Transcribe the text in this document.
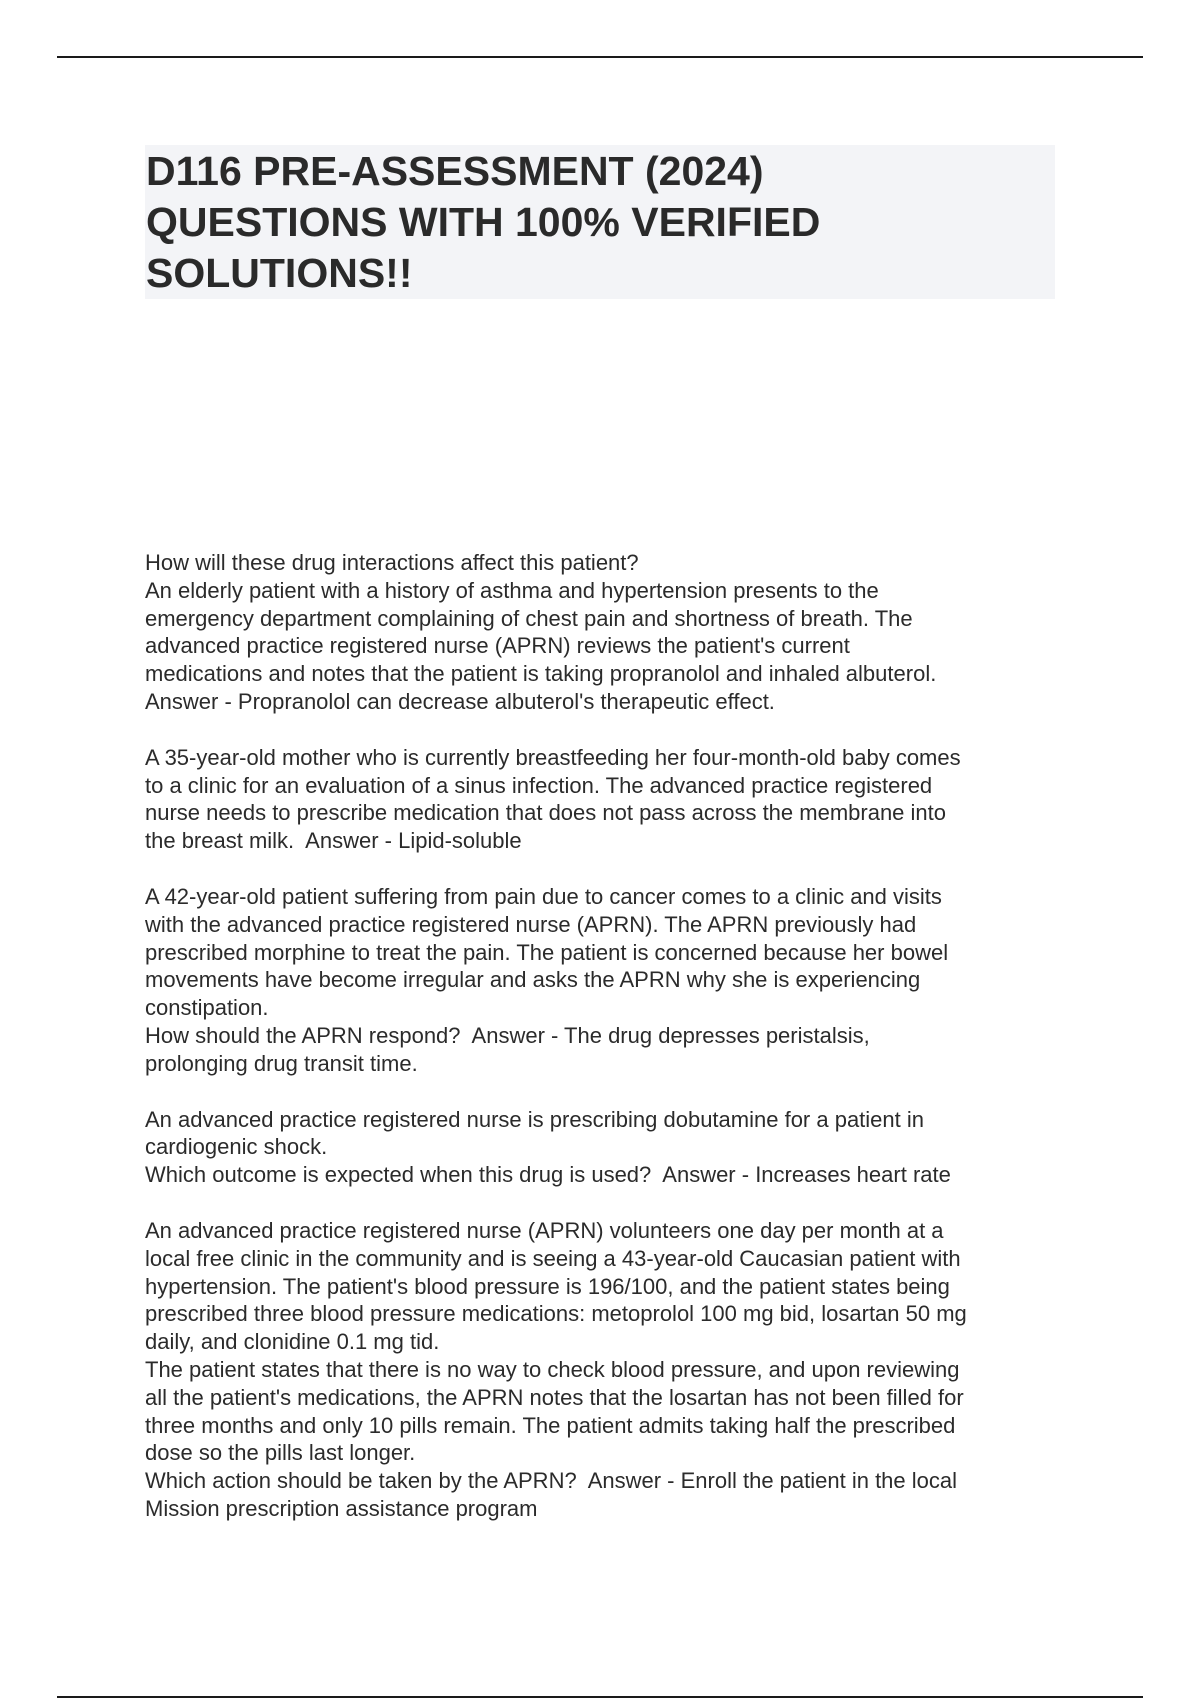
D116 PRE-ASSESSMENT (2024)
QUESTIONS WITH 100% VERIFIED
SOLUTIONS!!
How will these drug interactions affect this patient?
An elderly patient with a history of asthma and hypertension presents to the
emergency department complaining of chest pain and shortness of breath. The
advanced practice registered nurse (APRN) reviews the patient's current
medications and notes that the patient is taking propranolol and inhaled albuterol.
Answer - Propranolol can decrease albuterol's therapeutic effect.
A 35-year-old mother who is currently breastfeeding her four-month-old baby comes
to a clinic for an evaluation of a sinus infection. The advanced practice registered
nurse needs to prescribe medication that does not pass across the membrane into
the breast milk.  Answer - Lipid-soluble
A 42-year-old patient suffering from pain due to cancer comes to a clinic and visits
with the advanced practice registered nurse (APRN). The APRN previously had
prescribed morphine to treat the pain. The patient is concerned because her bowel
movements have become irregular and asks the APRN why she is experiencing
constipation.
How should the APRN respond?  Answer - The drug depresses peristalsis,
prolonging drug transit time.
An advanced practice registered nurse is prescribing dobutamine for a patient in
cardiogenic shock.
Which outcome is expected when this drug is used?  Answer - Increases heart rate
An advanced practice registered nurse (APRN) volunteers one day per month at a
local free clinic in the community and is seeing a 43-year-old Caucasian patient with
hypertension. The patient's blood pressure is 196/100, and the patient states being
prescribed three blood pressure medications: metoprolol 100 mg bid, losartan 50 mg
daily, and clonidine 0.1 mg tid.
The patient states that there is no way to check blood pressure, and upon reviewing
all the patient's medications, the APRN notes that the losartan has not been filled for
three months and only 10 pills remain. The patient admits taking half the prescribed
dose so the pills last longer.
Which action should be taken by the APRN?  Answer - Enroll the patient in the local
Mission prescription assistance program
